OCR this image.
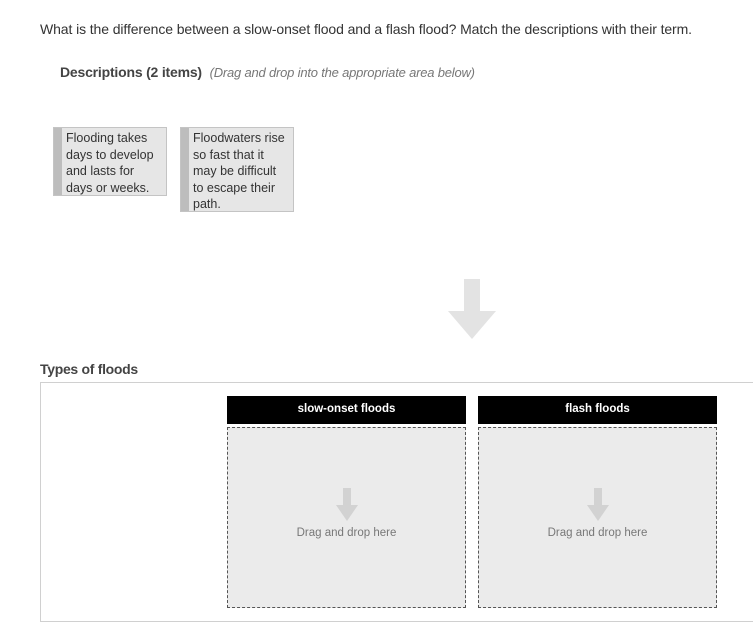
What is the difference between a slow-onset flood and a flash flood? Match the descriptions with their term.
Descriptions (2 items) (Drag and drop into the appropriate area below)
Flooding takes days to develop and lasts for days or weeks.
Floodwaters rise so fast that it may be difficult to escape their path.
Types of floods
slow-onset floods
Drag and drop here
flash floods
Drag and drop here
